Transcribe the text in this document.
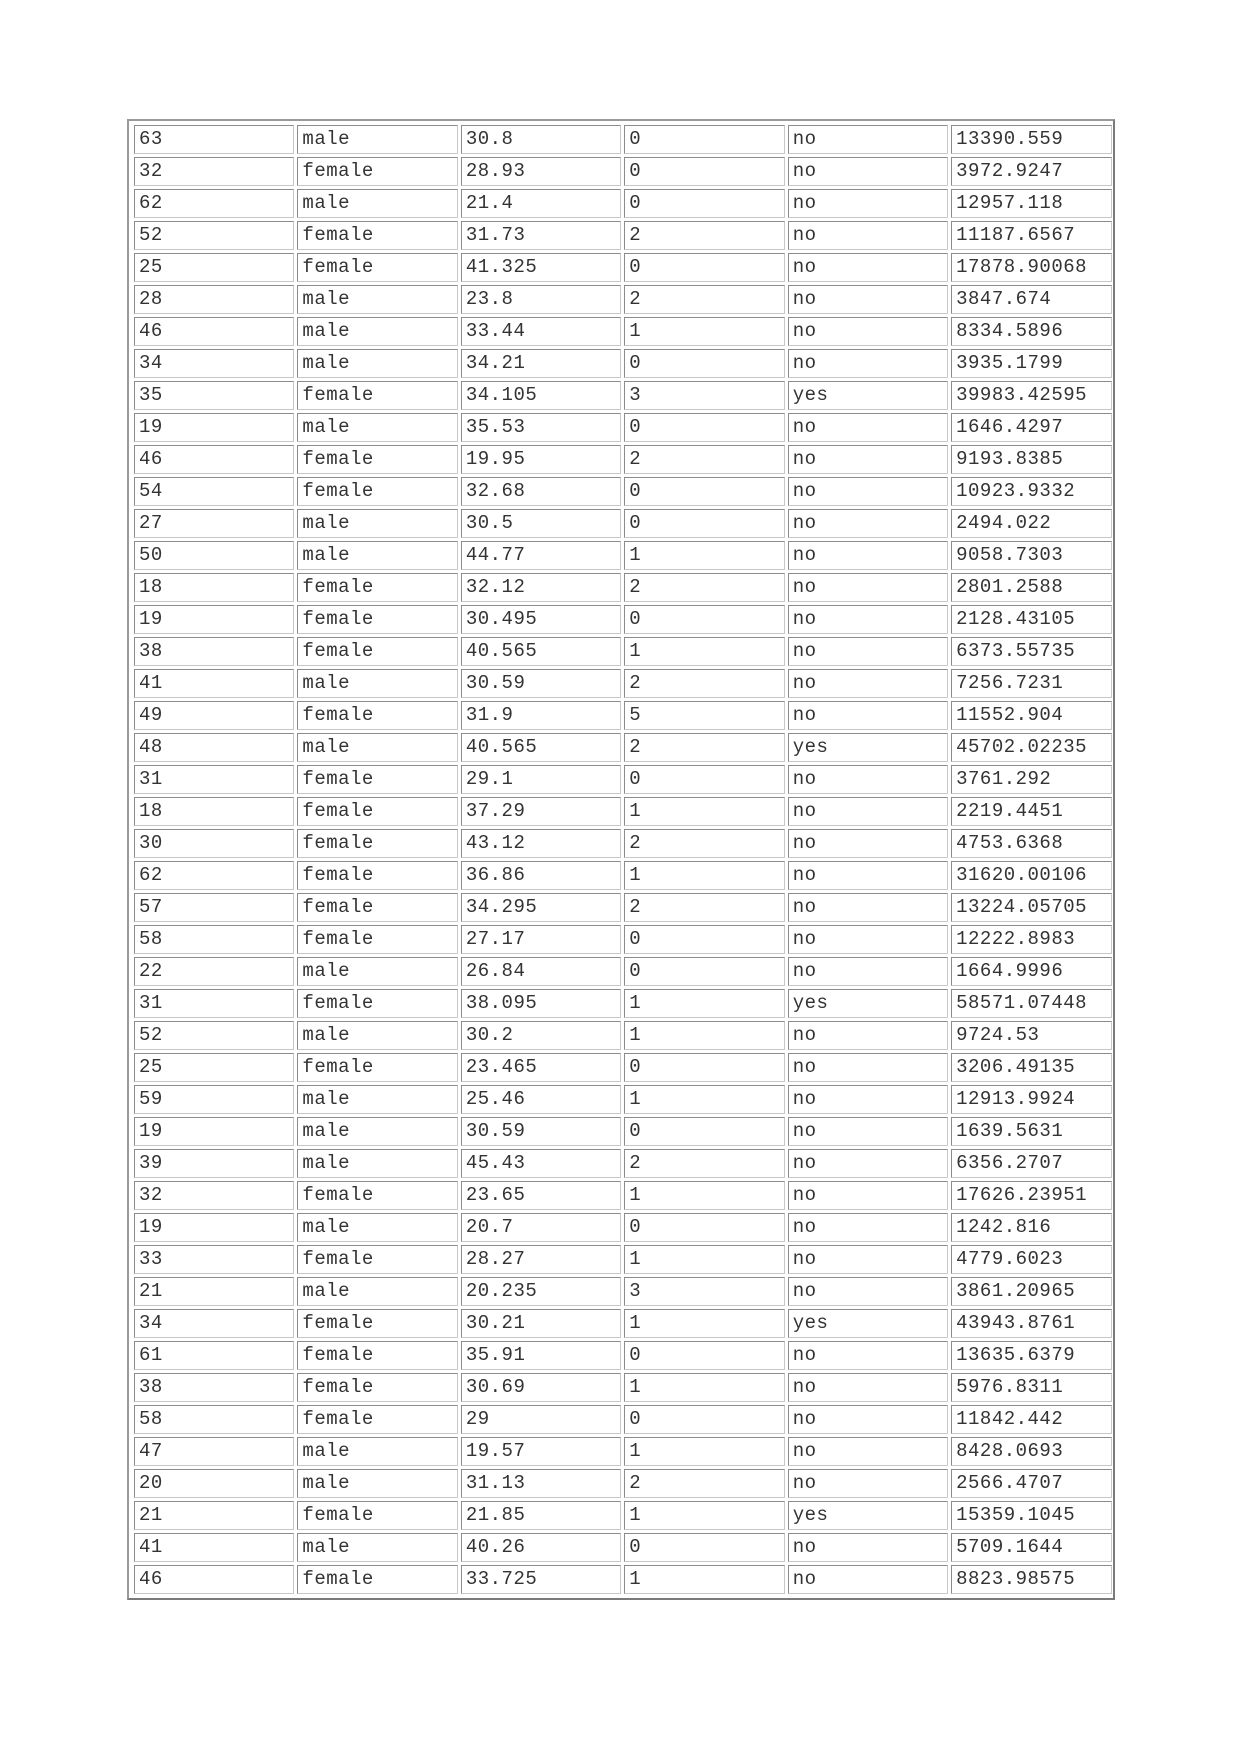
63	male	30.8	0	no	13390.559
32	female	28.93	0	no	3972.9247
62	male	21.4	0	no	12957.118
52	female	31.73	2	no	11187.6567
25	female	41.325	0	no	17878.90068
28	male	23.8	2	no	3847.674
46	male	33.44	1	no	8334.5896
34	male	34.21	0	no	3935.1799
35	female	34.105	3	yes	39983.42595
19	male	35.53	0	no	1646.4297
46	female	19.95	2	no	9193.8385
54	female	32.68	0	no	10923.9332
27	male	30.5	0	no	2494.022
50	male	44.77	1	no	9058.7303
18	female	32.12	2	no	2801.2588
19	female	30.495	0	no	2128.43105
38	female	40.565	1	no	6373.55735
41	male	30.59	2	no	7256.7231
49	female	31.9	5	no	11552.904
48	male	40.565	2	yes	45702.02235
31	female	29.1	0	no	3761.292
18	female	37.29	1	no	2219.4451
30	female	43.12	2	no	4753.6368
62	female	36.86	1	no	31620.00106
57	female	34.295	2	no	13224.05705
58	female	27.17	0	no	12222.8983
22	male	26.84	0	no	1664.9996
31	female	38.095	1	yes	58571.07448
52	male	30.2	1	no	9724.53
25	female	23.465	0	no	3206.49135
59	male	25.46	1	no	12913.9924
19	male	30.59	0	no	1639.5631
39	male	45.43	2	no	6356.2707
32	female	23.65	1	no	17626.23951
19	male	20.7	0	no	1242.816
33	female	28.27	1	no	4779.6023
21	male	20.235	3	no	3861.20965
34	female	30.21	1	yes	43943.8761
61	female	35.91	0	no	13635.6379
38	female	30.69	1	no	5976.8311
58	female	29	0	no	11842.442
47	male	19.57	1	no	8428.0693
20	male	31.13	2	no	2566.4707
21	female	21.85	1	yes	15359.1045
41	male	40.26	0	no	5709.1644
46	female	33.725	1	no	8823.98575
